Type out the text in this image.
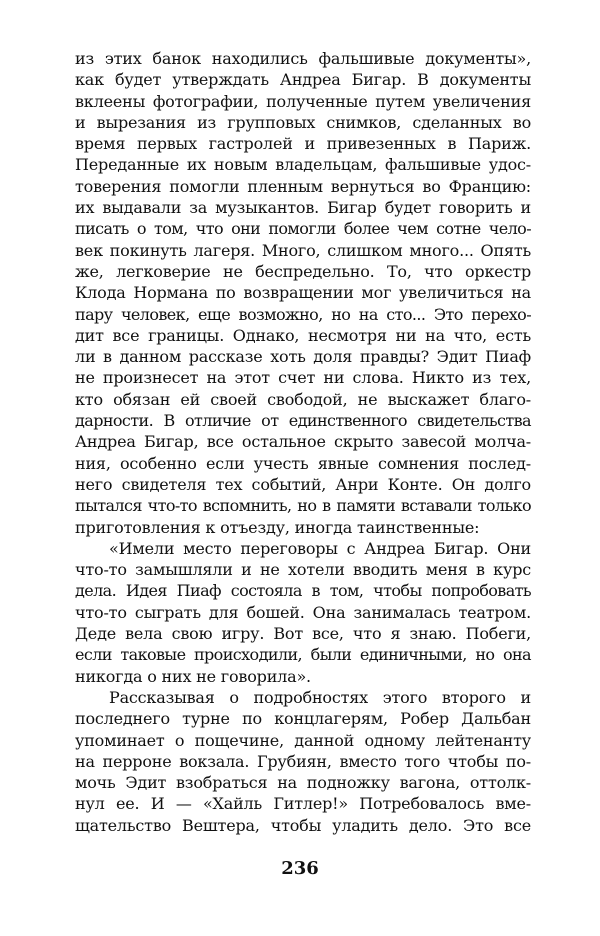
из этих банок находились фальшивые документы»,
как будет утверждать Андреа Бигар. В документы
вклеены фотографии, полученные путем увеличения
и вырезания из групповых снимков, сделанных во
время первых гастролей и привезенных в Париж.
Переданные их новым владельцам, фальшивые удос-
товерения помогли пленным вернуться во Францию:
их выдавали за музыкантов. Бигар будет говорить и
писать о том, что они помогли более чем сотне чело-
век покинуть лагеря. Много, слишком много... Опять
же, легковерие не беспредельно. То, что оркестр
Клода Нормана по возвращении мог увеличиться на
пару человек, еще возможно, но на сто... Это перехо-
дит все границы. Однако, несмотря ни на что, есть
ли в данном рассказе хоть доля правды? Эдит Пиаф
не произнесет на этот счет ни слова. Никто из тех,
кто обязан ей своей свободой, не выскажет благо-
дарности. В отличие от единственного свидетельства
Андреа Бигар, все остальное скрыто завесой молча-
ния, особенно если учесть явные сомнения послед-
него свидетеля тех событий, Анри Конте. Он долго
пытался что-то вспомнить, но в памяти вставали только
приготовления к отъезду, иногда таинственные:
«Имели место переговоры с Андреа Бигар. Они
что-то замышляли и не хотели вводить меня в курс
дела. Идея Пиаф состояла в том, чтобы попробовать
что-то сыграть для бошей. Она занималась театром.
Деде вела свою игру. Вот все, что я знаю. Побеги,
если таковые происходили, были единичными, но она
никогда о них не говорила».
Рассказывая о подробностях этого второго и
последнего турне по концлагерям, Робер Дальбан
упоминает о пощечине, данной одному лейтенанту
на перроне вокзала. Грубиян, вместо того чтобы по-
мочь Эдит взобраться на подножку вагона, оттолк-
нул ее. И — «Хайль Гитлер!» Потребовалось вме-
щательство Вештера, чтобы уладить дело. Это все
236
